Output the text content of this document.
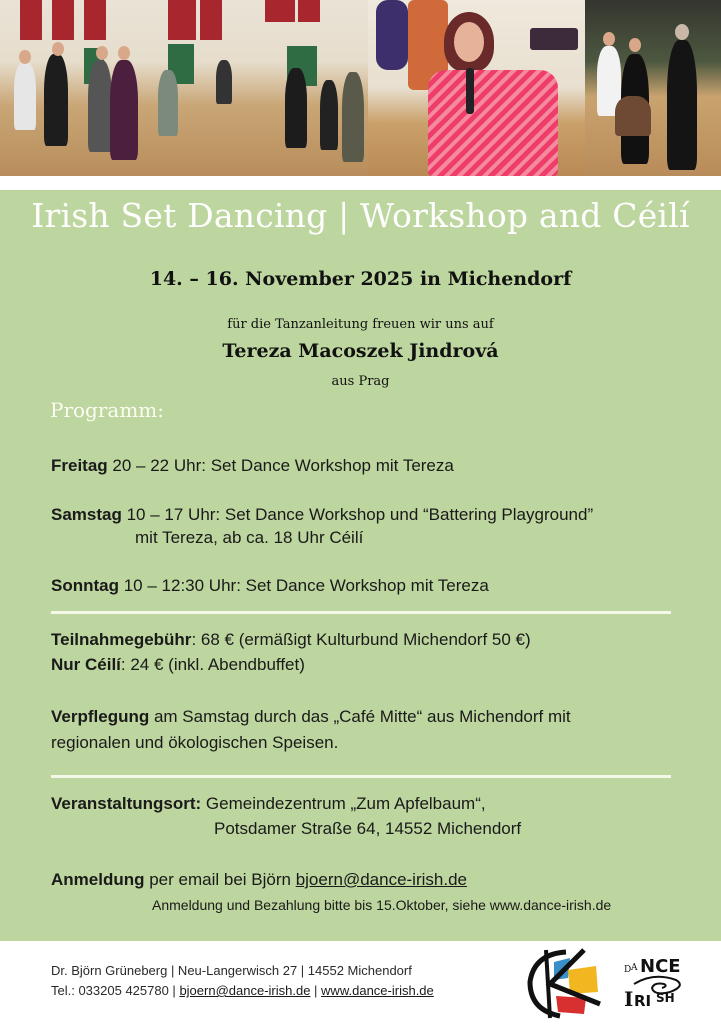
Irish Set Dancing | Workshop and Céilí
14. – 16. November 2025 in Michendorf
für die Tanzanleitung freuen wir uns auf
Tereza Macoszek Jindrová
aus Prag
Programm:
Freitag 20 – 22 Uhr: Set Dance Workshop mit Tereza
Samstag 10 – 17 Uhr: Set Dance Workshop und “Battering Playground”
mit Tereza, ab ca. 18 Uhr Céilí
Sonntag 10 – 12:30 Uhr: Set Dance Workshop mit Tereza
Teilnahmegebühr: 68 € (ermäßigt Kulturbund Michendorf 50 €)
Nur Céilí: 24 € (inkl. Abendbuffet)
Verpflegung am Samstag durch das „Café Mitte“ aus Michendorf mit
regionalen und ökologischen Speisen.
Veranstaltungsort: Gemeindezentrum „Zum Apfelbaum“,
Potsdamer Straße 64, 14552 Michendorf
Anmeldung per email bei Björn bjoern@dance-irish.de
Anmeldung und Bezahlung bitte bis 15.Oktober, siehe www.dance-irish.de
Dr. Björn Grüneberg | Neu-Langerwisch 27 | 14552 Michendorf
Tel.: 033205 425780 | bjoern@dance-irish.de | www.dance-irish.de
D A NCE
I RI SH
